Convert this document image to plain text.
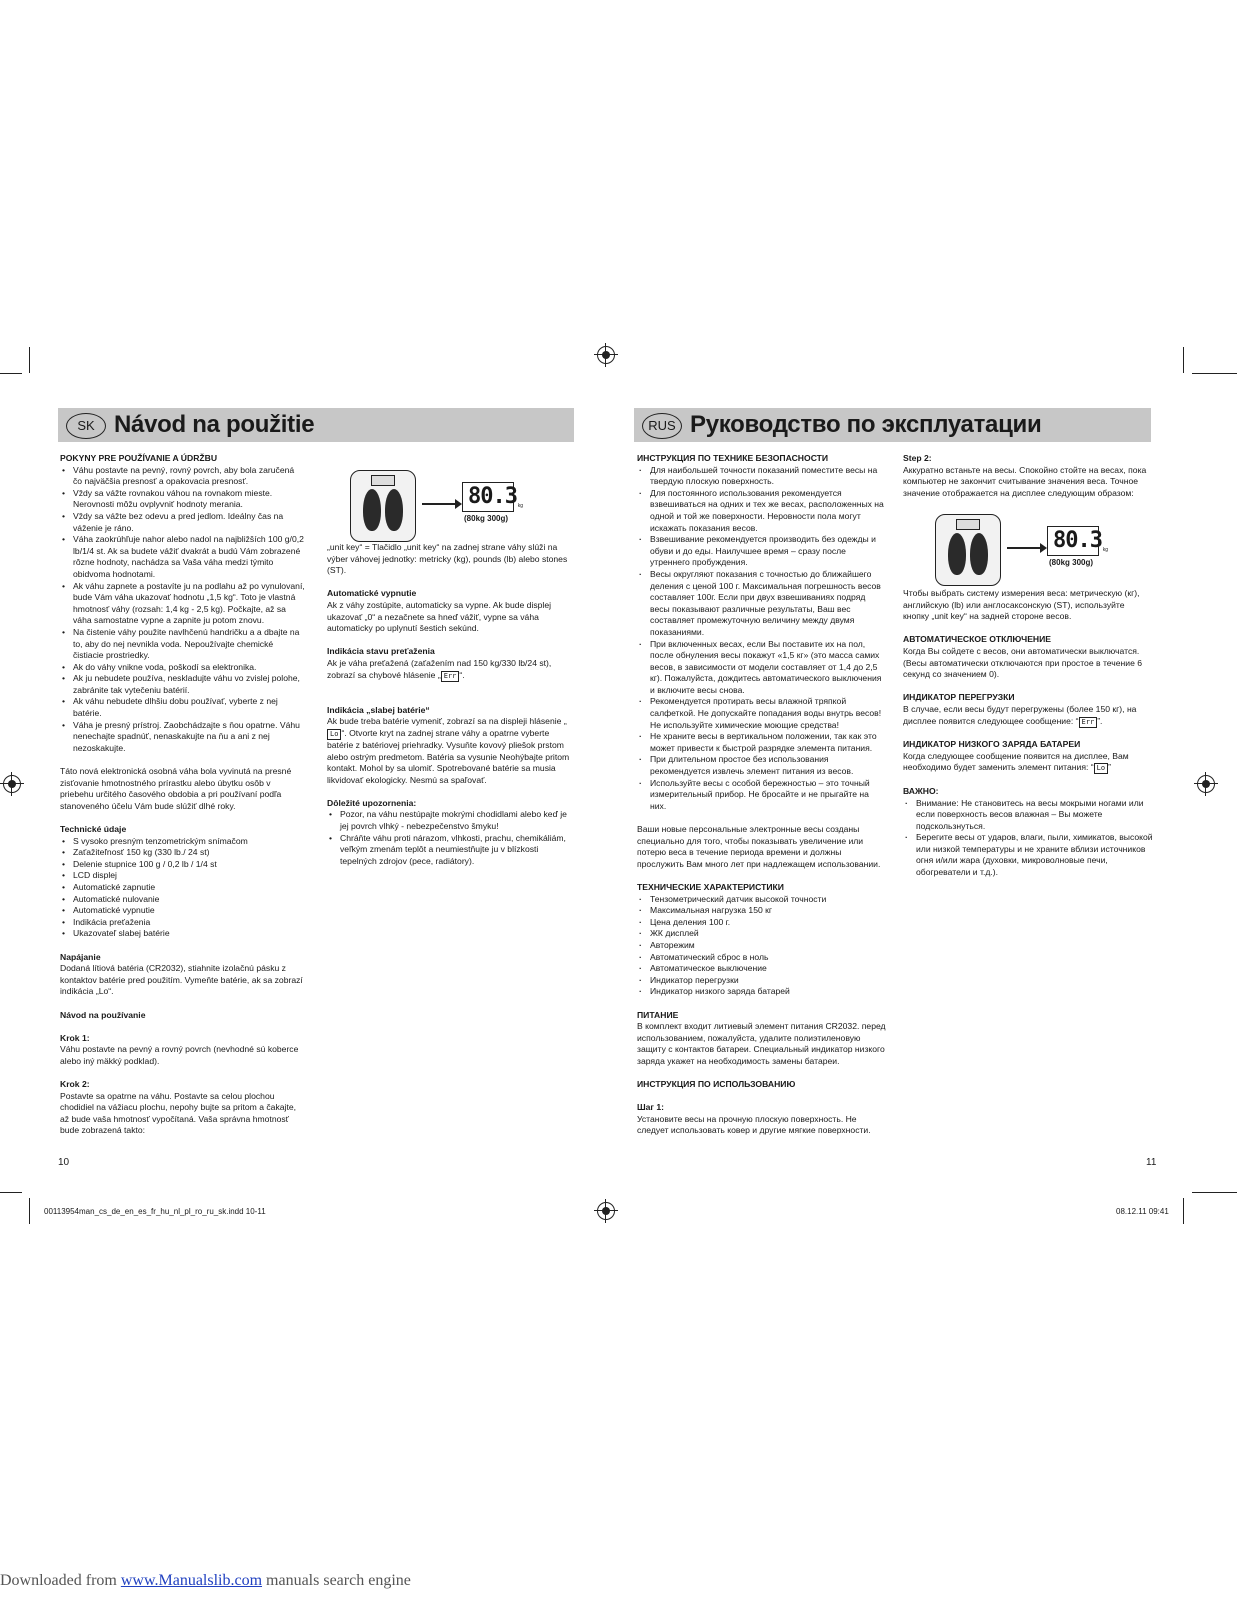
SK Návod na použitie	RUS Руководство по эксплуатации

POKYNY PRE POUŽÍVANIE A ÚDRŽBU

• Váhu postavte na pevný, rovný povrch, aby bola zaručená čo najväčšia presnosť a opakovacia presnosť.
• Vždy sa vážte rovnakou váhou na rovnakom mieste. Nerovnosti môžu ovplyvniť hodnoty merania.
• Vždy sa vážte bez odevu a pred jedlom. Ideálny čas na váženie je ráno.
• Váha zaokrúhľuje nahor alebo nadol na najbližších 100 g/0,2 lb/1/4 st. Ak sa budete vážiť dvakrát a budú Vám zobrazené rôzne hodnoty, nachádza sa Vaša váha medzi týmito obidvoma hodnotami.
• Ak váhu zapnete a postavíte ju na podlahu až po vynulovaní, bude Vám váha ukazovať hodnotu „1,5 kg“. Toto je vlastná hmotnosť váhy (rozsah: 1,4 kg - 2,5 kg). Počkajte, až sa váha samostatne vypne a zapnite ju potom znovu.
• Na čistenie váhy použite navlhčenú handričku a a dbajte na to, aby do nej nevnikla voda. Nepoužívajte chemické čistiacie prostriedky.
• Ak do váhy vnikne voda, poškodí sa elektronika.
• Ak ju nebudete používa, neskladujte váhu vo zvislej polohe, zabránite tak vytečeniu batérií.
• Ak váhu nebudete dlhšiu dobu používať, vyberte z nej batérie.
• Váha je presný prístroj. Zaobchádzajte s ňou opatrne. Váhu nenechajte spadnúť, nenaskakujte na ňu a ani z nej nezoskakujte.

Táto nová elektronická osobná váha bola vyvinutá na presné zisťovanie hmotnostného prírastku alebo úbytku osôb v priebehu určitého časového obdobia a pri používaní podľa stanoveného účelu Vám bude slúžiť dlhé roky.

Technické údaje

• S vysoko presným tenzometrickým snímačom
• Zaťažiteľnosť 150 kg (330 lb./ 24 st)
• Delenie stupnice 100 g / 0,2 lb / 1/4 st
• LCD displej
• Automatické zapnutie
• Automatické nulovanie
• Automatické vypnutie
• Indikácia preťaženia
• Ukazovateľ slabej batérie

Napájanie

Dodaná lítiová batéria (CR2032), stiahnite izolačnú pásku z kontaktov batérie pred použitím. Vymeňte batérie, ak sa zobrazí indikácia „Lo“.

Návod na používanie

Krok 1:

Váhu postavte na pevný a rovný povrch (nevhodné sú koberce alebo iný mäkký podklad).

Krok 2:

Postavte sa opatrne na váhu. Postavte sa celou plochou chodidiel na vážiacu plochu, nepohy bujte sa pritom a čakajte, až bude vaša hmotnosť vypočítaná. Vaša správna hmotnosť bude zobrazená takto:

80.3 kg
(80kg 300g)

„unit key“ = Tlačidlo „unit key“ na zadnej strane váhy slúži na výber váhovej jednotky: metricky (kg), pounds (lb) alebo stones (ST).

Automatické vypnutie

Ak z váhy zostúpite, automaticky sa vypne. Ak bude displej ukazovať „0“ a nezačnete sa hneď vážiť, vypne sa váha automaticky po uplynutí šestich sekúnd.

Indikácia stavu preťaženia

Ak je váha preťažená (zaťažením nad 150 kg/330 lb/24 st), zobrazí sa chybové hlásenie „ Err “.

Indikácia „slabej batérie“

Ak bude treba batérie vymeniť, zobrazí sa na displeji hlásenie „Lo “. Otvorte kryt na zadnej strane váhy a opatrne vyberte batérie z batériovej priehradky. Vysuňte kovový pliešok prstom alebo ostrým predmetom. Batéria sa vysunie Neohýbajte pritom kontakt. Mohol by sa ulomiť. Spotrebované batérie sa musia likvidovať ekologicky. Nesmú sa spaľovať.

Dôležité upozornenia:

• Pozor, na váhu nestúpajte mokrými chodidlami alebo keď je jej povrch vlhký - nebezpečenstvo šmyku!
• Chráňte váhu proti nárazom, vlhkosti, prachu, chemikáliám, veľkým zmenám teplôt a neumiestňujte ju v blízkosti tepelných zdrojov (pece, radiátory).

ИНСТРУКЦИЯ ПО ТЕХНИКЕ БЕЗОПАСНОСТИ

· Для наибольшей точности показаний поместите весы на твердую плоскую поверхность.
· Для постоянного использования рекомендуется взвешиваться на одних и тех же весах, расположенных на одной и той же поверхности. Неровности пола могут искажать показания весов.
· Взвешивание рекомендуется производить без одежды и обуви и до еды. Наилучшее время – сразу после утреннего пробуждения.
· Весы округляют показания с точностью до ближайшего деления с ценой 100 г. Максимальная погрешность весов составляет 100г. Если при двух взвешиваниях подряд весы показывают различные результаты, Ваш вес составляет промежуточную величину между двумя показаниями.
· При включенных весах, если Вы поставите их на пол, после обнуления весы покажут «1,5 кг» (это масса самих весов, в зависимости от модели составляет от 1,4 до 2,5 кг). Пожалуйста, дождитесь автоматического выключения и включите весы снова.
· Рекомендуется протирать весы влажной тряпкой салфеткой. Не допускайте попадания воды внутрь весов! Не используйте химические моющие средства!
· Не храните весы в вертикальном положении, так как это может привести к быстрой разрядке элемента питания.
· При длительном простое без использования рекомендуется извлечь элемент питания из весов.
· Используйте весы с особой бережностью – это точный измерительный прибор. Не бросайте и не прыгайте на них.

Ваши новые персональные электронные весы созданы специально для того, чтобы показывать увеличение или потерю веса в течение периода времени и должны прослужить Вам много лет при надлежащем использовании.

ТЕХНИЧЕСКИЕ ХАРАКТЕРИСТИКИ

· Тензометрический датчик высокой точности
· Максимальная нагрузка 150 кг
· Цена деления 100 г.
· ЖК дисплей
· Авторежим
· Автоматический сброс в ноль
· Автоматическое выключение
· Индикатор перегрузки
· Индикатор низкого заряда батарей

ПИТАНИЕ

В комплект входит литиевый элемент питания CR2032. перед использованием, пожалуйста, удалите полиэтиленовую защиту с контактов батареи. Специальный индикатор низкого заряда укажет на необходимость замены батареи.

ИНСТРУКЦИЯ ПО ИСПОЛЬЗОВАНИЮ

Шаг 1:

Установите весы на прочную плоскую поверхность. Не следует использовать ковер и другие мягкие поверхности.

Step 2:

Аккуратно встаньте на весы. Спокойно стойте на весах, пока компьютер не закончит считывание значения веса. Точное значение отображается на дисплее следующим образом:

80.3 kg
(80kg 300g)

Чтобы выбрать систему измерения веса: метрическую (кг), английскую (lb) или англосаксонскую (ST), используйте кнопку „unit key“ на задней стороне весов.

АВТОМАТИЧЕСКОЕ ОТКЛЮЧЕНИЕ

Когда Вы сойдете с весов, они автоматически выключатся. (Весы автоматически отключаются при простое в течение 6 секунд со значением 0).

ИНДИКАТОР ПЕРЕГРУЗКИ

В случае, если весы будут перегружены (более 150 кг), на дисплее появится следующее сообщение: “ Err ”.

ИНДИКАТОР НИЗКОГО ЗАРЯДА БАТАРЕИ

Когда следующее сообщение появится на дисплее, Вам необходимо будет заменить элемент питания: “ Lo ”

ВАЖНО:

· Внимание: Не становитесь на весы мокрыми ногами или если поверхность весов влажная – Вы можете подскользнуться.
· Берегите весы от ударов, влаги, пыли, химикатов, высокой или низкой температуры и не храните вблизи источников огня и/или жара (духовки, микроволновые печи, обогреватели и т.д.).
10	11
00113954man_cs_de_en_es_fr_hu_nl_pl_ro_ru_sk.indd 10-11	08.12.11 09:41
Downloaded from www.Manualslib.com manuals search engine
